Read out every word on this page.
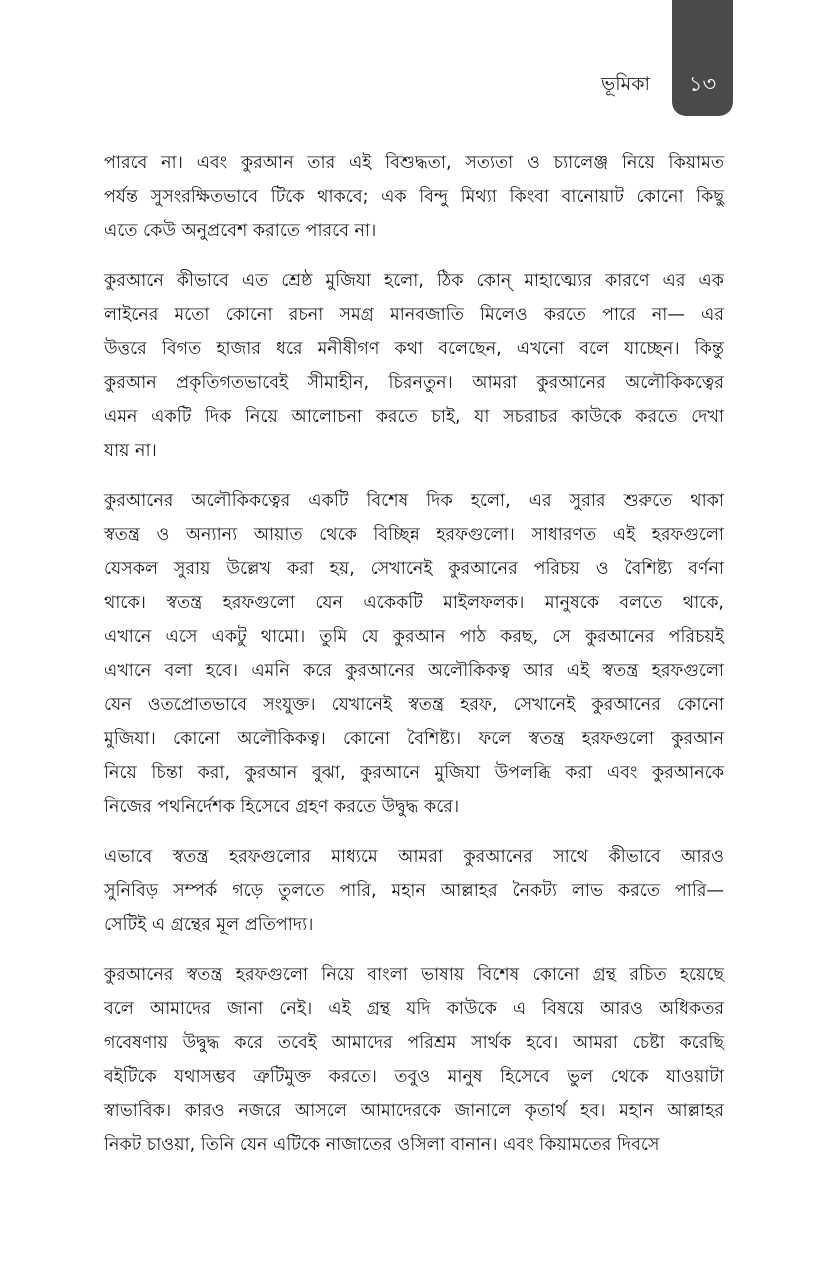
১৩
ভূমিকা
পারবে না। এবং কুরআন তার এই বিশুদ্ধতা, সত্যতা ও চ্যালেঞ্জ নিয়ে কিয়ামত
পর্যন্ত সুসংরক্ষিতভাবে টিকে থাকবে; এক বিন্দু মিথ্যা কিংবা বানোয়াট কোনো কিছু
এতে কেউ অনুপ্রবেশ করাতে পারবে না।
কুরআনে কীভাবে এত শ্রেষ্ঠ মুজিযা হলো, ঠিক কোন্ মাহাত্ম্যের কারণে এর এক
লাইনের মতো কোনো রচনা সমগ্র মানবজাতি মিলেও করতে পারে না— এর
উত্তরে বিগত হাজার ধরে মনীষীগণ কথা বলেছেন, এখনো বলে যাচ্ছেন। কিন্তু
কুরআন প্রকৃতিগতভাবেই সীমাহীন, চিরনতুন। আমরা কুরআনের অলৌকিকত্বের
এমন একটি দিক নিয়ে আলোচনা করতে চাই, যা সচরাচর কাউকে করতে দেখা
যায় না।
কুরআনের অলৌকিকত্বের একটি বিশেষ দিক হলো, এর সুরার শুরুতে থাকা
স্বতন্ত্র ও অন্যান্য আয়াত থেকে বিচ্ছিন্ন হরফগুলো। সাধারণত এই হরফগুলো
যেসকল সুরায় উল্লেখ করা হয়, সেখানেই কুরআনের পরিচয় ও বৈশিষ্ট্য বর্ণনা
থাকে। স্বতন্ত্র হরফগুলো যেন একেকটি মাইলফলক। মানুষকে বলতে থাকে,
এখানে এসে একটু থামো। তুমি যে কুরআন পাঠ করছ, সে কুরআনের পরিচয়ই
এখানে বলা হবে। এমনি করে কুরআনের অলৌকিকত্ব আর এই স্বতন্ত্র হরফগুলো
যেন ওতপ্রোতভাবে সংযুক্ত। যেখানেই স্বতন্ত্র হরফ, সেখানেই কুরআনের কোনো
মুজিযা। কোনো অলৌকিকত্ব। কোনো বৈশিষ্ট্য। ফলে স্বতন্ত্র হরফগুলো কুরআন
নিয়ে চিন্তা করা, কুরআন বুঝা, কুরআনে মুজিযা উপলব্ধি করা এবং কুরআনকে
নিজের পথনির্দেশক হিসেবে গ্রহণ করতে উদ্বুদ্ধ করে।
এভাবে স্বতন্ত্র হরফগুলোর মাধ্যমে আমরা কুরআনের সাথে কীভাবে আরও
সুনিবিড় সম্পর্ক গড়ে তুলতে পারি, মহান আল্লাহর নৈকট্য লাভ করতে পারি—
সেটিই এ গ্রন্থের মূল প্রতিপাদ্য।
কুরআনের স্বতন্ত্র হরফগুলো নিয়ে বাংলা ভাষায় বিশেষ কোনো গ্রন্থ রচিত হয়েছে
বলে আমাদের জানা নেই। এই গ্রন্থ যদি কাউকে এ বিষয়ে আরও অধিকতর
গবেষণায় উদ্বুদ্ধ করে তবেই আমাদের পরিশ্রম সার্থক হবে। আমরা চেষ্টা করেছি
বইটিকে যথাসম্ভব ত্রুটিমুক্ত করতে। তবুও মানুষ হিসেবে ভুল থেকে যাওয়াটা
স্বাভাবিক। কারও নজরে আসলে আমাদেরকে জানালে কৃতার্থ হব। মহান আল্লাহর
নিকট চাওয়া, তিনি যেন এটিকে নাজাতের ওসিলা বানান। এবং কিয়ামতের দিবসে
